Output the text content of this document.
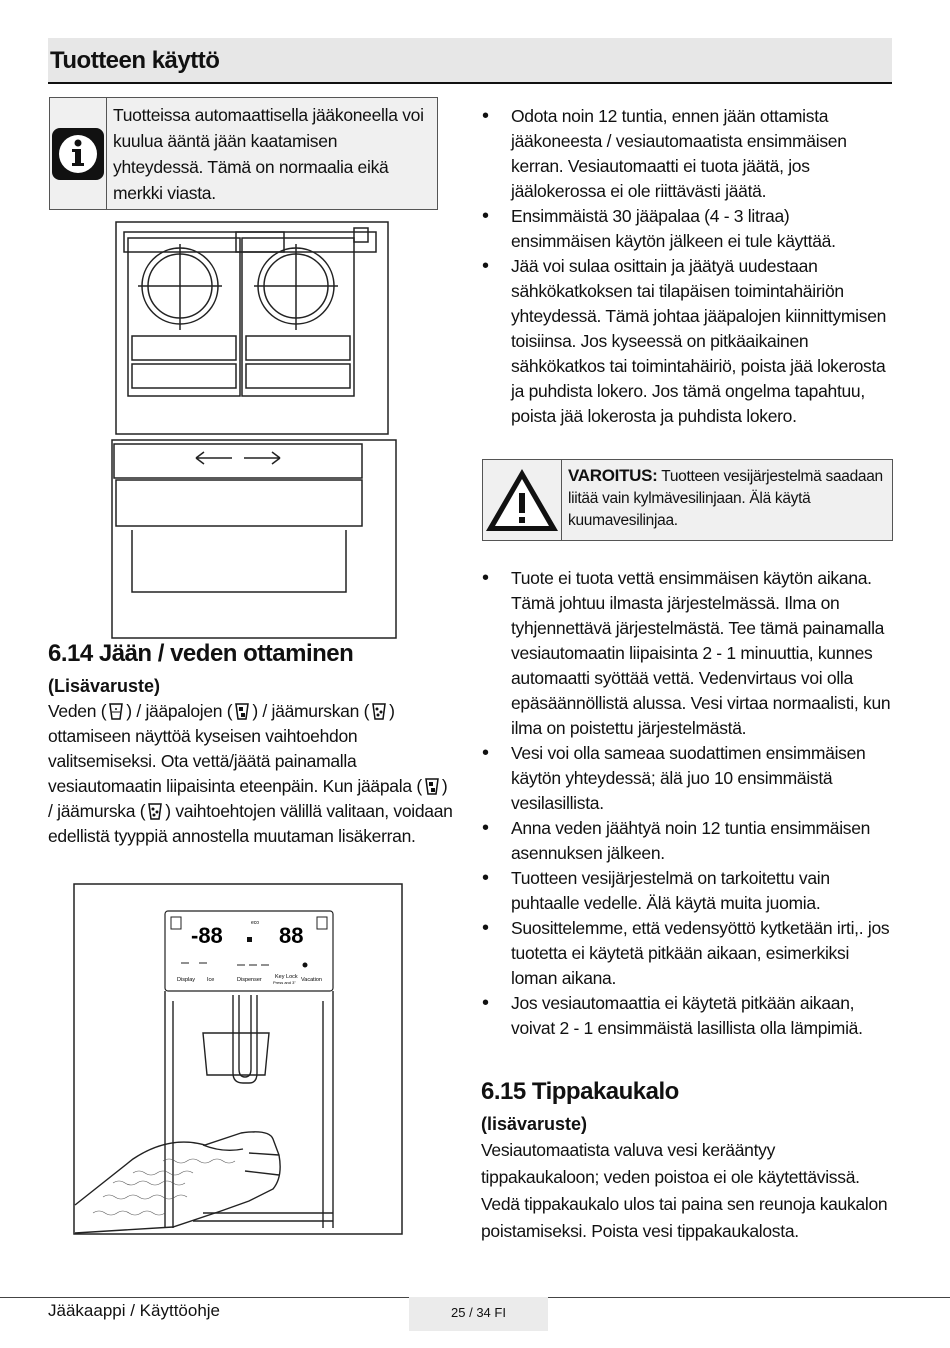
Tuotteen käyttö
Tuotteissa automaattisella jääkoneella voi kuulua ääntä jään kaatamisen yhteydessä. Tämä on normaalia eikä merkki viasta.
• Odota noin 12 tuntia, ennen jään ottamista jääkoneesta / vesiautomaatista ensimmäisen kerran. Vesiautomaatti ei tuota jäätä, jos jäälokerossa ei ole riittävästi jäätä.
• Ensimmäistä 30 jääpalaa (4 - 3 litraa) ensimmäisen käytön jälkeen ei tule käyttää.
• Jää voi sulaa osittain ja jäätyä uudestaan sähkökatkoksen tai tilapäisen toimintahäiriön yhteydessä. Tämä johtaa jääpalojen kiinnittymisen toisiinsa. Jos kyseessä on pitkäaikainen sähkökatkos tai toimintahäiriö, poista jää lokerosta ja puhdista lokero. Jos tämä ongelma tapahtuu, poista jää lokerosta ja puhdista lokero.
VAROITUS: Tuotteen vesijärjestelmä saadaan liitää vain kylmävesilinjaan. Älä käytä kuumavesilinjaa.
• Tuote ei tuota vettä ensimmäisen käytön aikana. Tämä johtuu ilmasta järjestelmässä. Ilma on tyhjennettävä järjestelmästä. Tee tämä painamalla vesiautomaatin liipaisinta 2 - 1 minuuttia, kunnes automaatti syöttää vettä. Vedenvirtaus voi olla epäsäännöllistä alussa. Vesi virtaa normaalisti, kun ilma on poistettu järjestelmästä.
• Vesi voi olla sameaa suodattimen ensimmäisen käytön yhteydessä; älä juo 10 ensimmäistä vesilasillista.
• Anna veden jäähtyä noin 12 tuntia ensimmäisen asennuksen jälkeen.
• Tuotteen vesijärjestelmä on tarkoitettu vain puhtaalle vedelle. Älä käytä muita juomia.
• Suosittelemme, että vedensyöttö kytketään irti,. jos tuotetta ei käytetä pitkään aikaan, esimerkiksi loman aikana.
• Jos vesiautomaattia ei käytetä pitkään aikaan, voivat 2 - 1 ensimmäistä lasillista olla lämpimiä.
6.14 Jään / veden ottaminen
(Lisävaruste)
Veden ( ) / jääpalojen ( ) / jäämurskan ( ) ottamiseen näyttöä kyseisen vaihtoehdon valitsemiseksi. Ota vettä/jäätä painamalla vesiautomaatin liipaisinta eteenpäin. Kun jääpala ( ) / jäämurska ( ) vaihtoehtojen välillä valitaan, voidaan edellistä tyyppiä annostella muutaman lisäkerran.
-88	eco 88
Display Ice	Dispenser Key Lock
Press and 3" Vacation
6.15 Tippakaukalo
(lisävaruste)
Vesiautomaatista valuva vesi kerääntyy tippakaukaloon; veden poistoa ei ole käytettävissä. Vedä tippakaukalo ulos tai paina sen reunoja kaukalon poistamiseksi. Poista vesi tippakaukalosta.
Jääkaappi / Käyttöohje	25 / 34 FI
